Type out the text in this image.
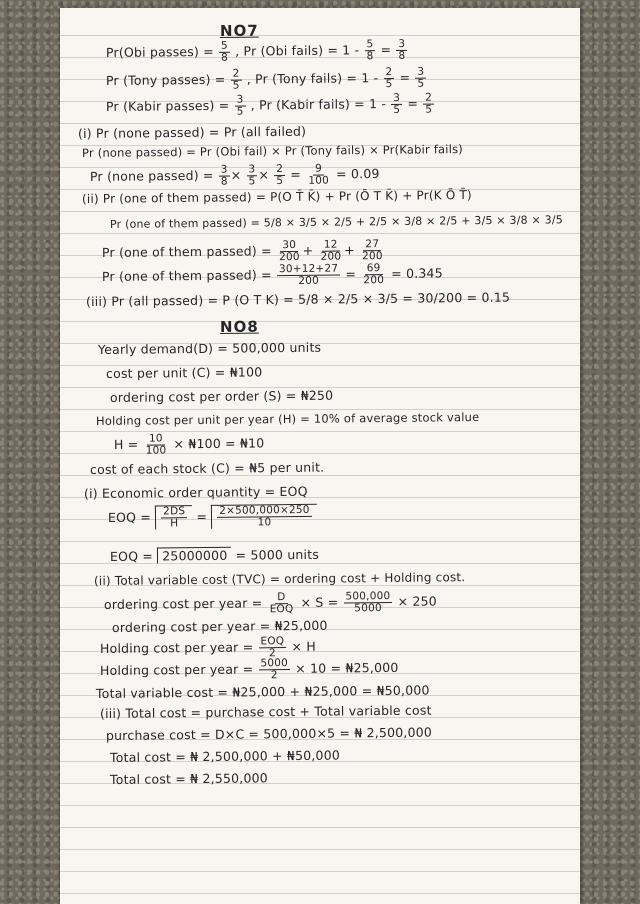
NO7
Pr(Obi passes) = $\frac{5}{8}$ , Pr (Obi fails) = $1 - \frac{5}{8} = \frac{3}{8}$
Pr (Tony passes) = $\frac{2}{5}$ , Pr (Tony fails) = $1 - \frac{2}{5} = \frac{3}{5}$
Pr (Kabir passes) = $\frac{3}{5}$ , Pr (Kabir fails) = $1 - \frac{3}{5} = \frac{2}{5}$
(i) Pr (none passed) = Pr (all failed)
Pr (none passed) = Pr (Obi fail) × Pr (Tony fails) × Pr(Kabir fails)
Pr (none passed) = $\frac{3}{8} \times \frac{3}{5} \times \frac{2}{5} = \frac{9}{100} = 0.09$
(ii) Pr (one of them passed) = P(O T̄ K̄) + Pr (Ō T K̄) + Pr(K Ō T̄)
Pr (one of them passed) = 5/8 × 3/5 × 2/5 + 2/5 × 3/8 × 2/5 + 3/5 × 3/8 × 3/5
Pr (one of them passed) = $\frac{30}{200} + \frac{12}{200} + \frac{27}{200}$
Pr (one of them passed) = $\frac{30+12+27}{200} = \frac{69}{200} = 0.345$
(iii) Pr (all passed) = P (O T K) = 5/8 × 2/5 × 3/5 = 30/200 = 0.15
NO8
Yearly demand(D) = 500,000 units
cost per unit (C) = ₦100
ordering cost per order (S) = ₦250
Holding cost per unit per year (H) = 10% of average stock value
$H = \frac{10}{100}$ × ₦100 = ₦10
cost of each stock (C) = ₦5 per unit.
(i) Economic order quantity = EOQ
EOQ = $\frac{2DS}{H} = \frac{2\times 500,000\times 250}{10}$
EOQ = 25000000 = 5000 units
(ii) Total variable cost (TVC) = ordering cost + Holding cost.
ordering cost per year = $\frac{D}{\text{EOQ}} \times S = \frac{500,000}{5000} \times 250$
ordering cost per year = ₦25,000
Holding cost per year = $\frac{\text{EOQ}}{2} \times H$
Holding cost per year = $\frac{5000}{2} \times 10$ = ₦25,000
Total variable cost = ₦25,000 + ₦25,000 = ₦50,000
(iii) Total cost = purchase cost + Total variable cost
purchase cost = D×C = 500,000×5 = ₦ 2,500,000
Total cost = ₦ 2,500,000 + ₦50,000
Total cost = ₦ 2,550,000
